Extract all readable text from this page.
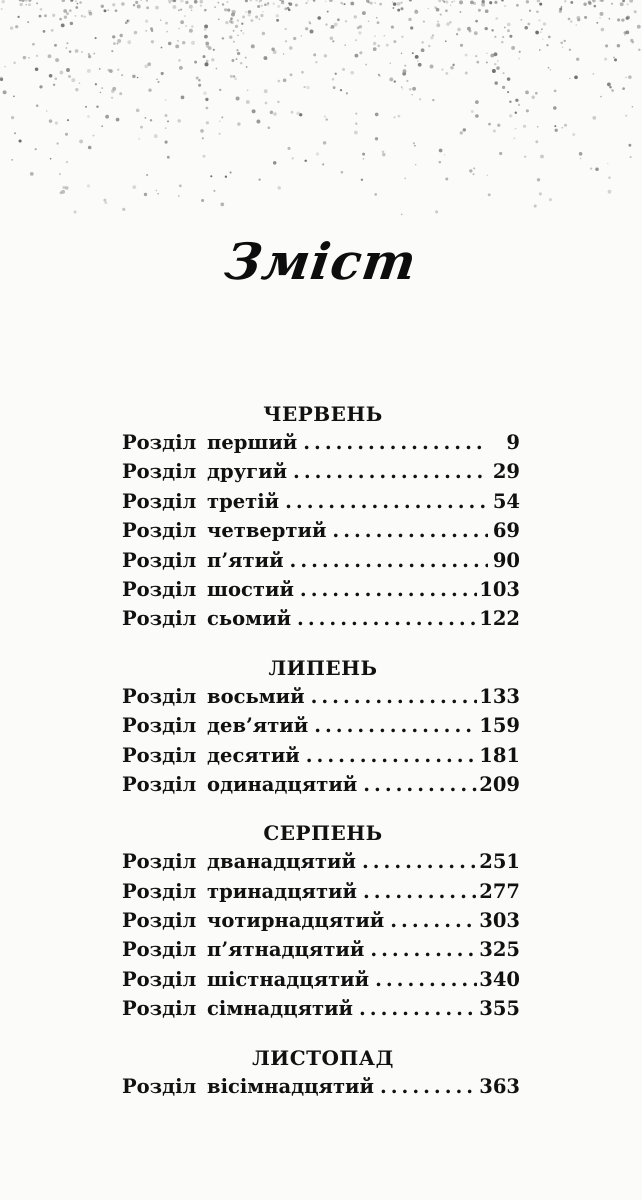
Зміст
ЧЕРВЕНЬ
Розділ перший .....	9
Розділ другий .....	29
Розділ третій .....	54
Розділ четвертий .....	69
Розділ п’ятий .....	90
Розділ шостий .....	103
Розділ сьомий .....	122
ЛИПЕНЬ
Розділ восьмий .....	133
Розділ дев’ятий .....	159
Розділ десятий .....	181
Розділ одинадцятий .....	209
СЕРПЕНЬ
Розділ дванадцятий .....	251
Розділ тринадцятий .....	277
Розділ чотирнадцятий .....	303
Розділ п’ятнадцятий .....	325
Розділ шістнадцятий .....	340
Розділ сімнадцятий .....	355
ЛИСТОПАД
Розділ вісімнадцятий .....	363
